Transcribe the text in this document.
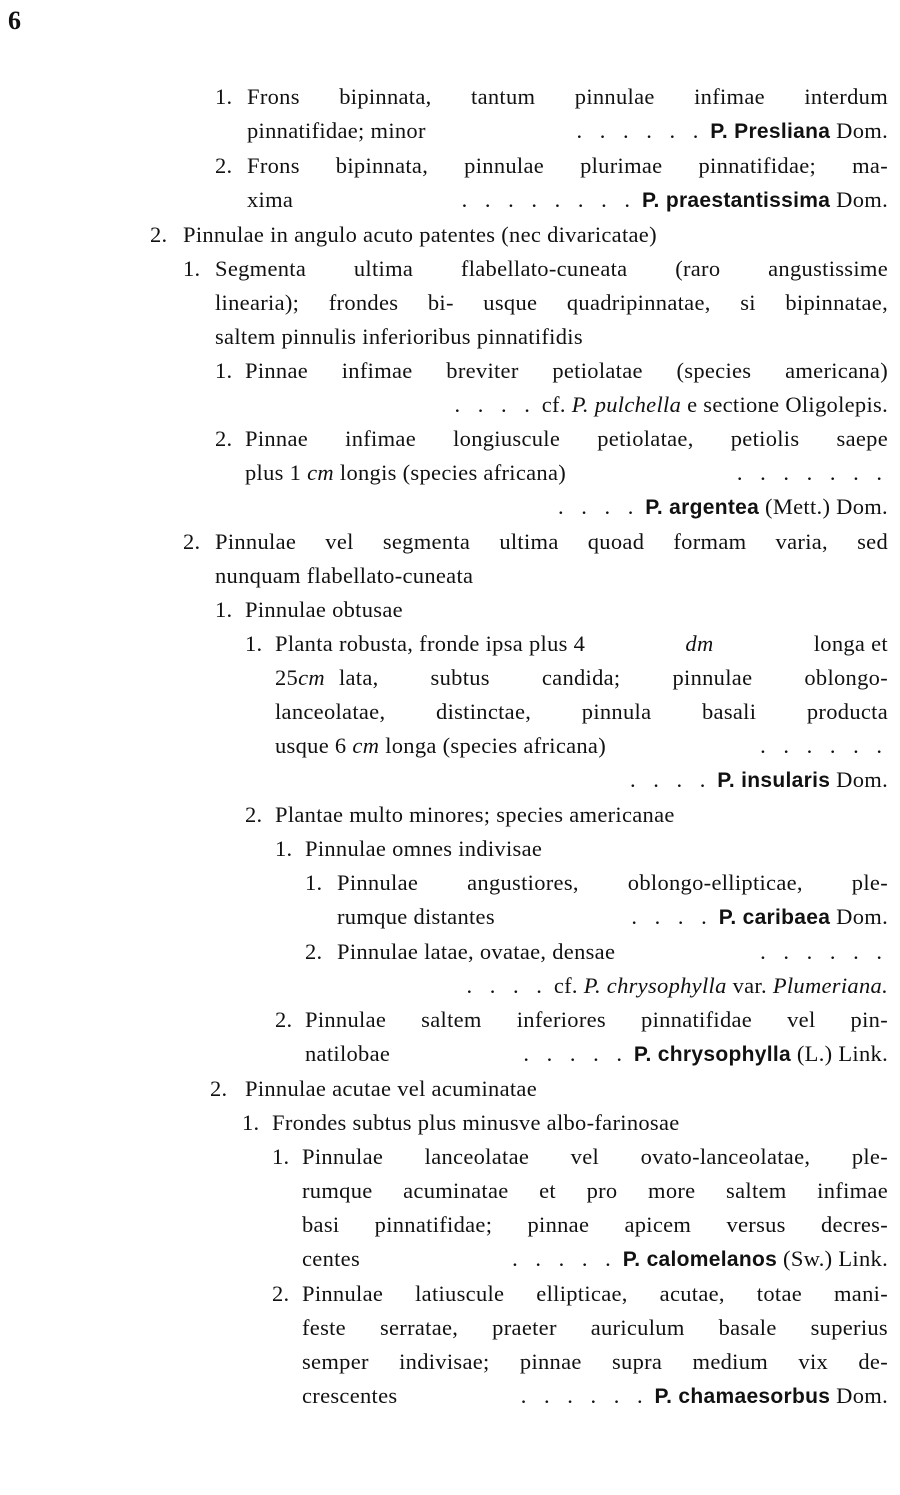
6
1. Frons bipinnata, tantum pinnulae infimae interdum
pinnatifidae; minor	. . . . . . P. Presliana Dom.
2. Frons bipinnata, pinnulae plurimae pinnatifidae; ma-
xima	. . . . . . . . P. praestantissima Dom.
2. Pinnulae in angulo acuto patentes (nec divaricatae)
1. Segmenta ultima flabellato-cuneata (raro angustissime
linearia); frondes bi- usque quadripinnatae, si bipinnatae,
saltem pinnulis inferioribus pinnatifidis
1. Pinnae infimae breviter petiolatae (species americana)
. . . . cf. P. pulchella e sectione Oligolepis.
2. Pinnae infimae longiuscule petiolatae, petiolis saepe
plus 1 cm longis (species africana)	. . . . . . .
. . . . P. argentea (Mett.) Dom.
2. Pinnulae vel segmenta ultima quoad formam varia, sed
nunquam flabellato-cuneata
1. Pinnulae obtusae
1. Planta robusta, fronde ipsa plus 4	dm	longa et
25 cm lata, subtus candida; pinnulae oblongo-
lanceolatae, distinctae, pinnula basali producta
usque 6 cm longa (species africana)	. . . . . .
. . . . P. insularis Dom.
2. Plantae multo minores; species americanae
1. Pinnulae omnes indivisae
1. Pinnulae angustiores, oblongo-ellipticae, ple-
rumque distantes	. . . . P. caribaea Dom.
2. Pinnulae latae, ovatae, densae	. . . . . .
. . . . cf. P. chrysophylla var. Plumeriana.
2. Pinnulae saltem inferiores pinnatifidae vel pin-
natilobae	. . . . . P. chrysophylla (L.) Link.
2. Pinnulae acutae vel acuminatae
1. Frondes subtus plus minusve albo-farinosae
1. Pinnulae lanceolatae vel ovato-lanceolatae, ple-
rumque acuminatae et pro more saltem infimae
basi pinnatifidae; pinnae apicem versus decres-
centes	. . . . . P. calomelanos (Sw.) Link.
2. Pinnulae latiuscule ellipticae, acutae, totae mani-
feste serratae, praeter auriculum basale superius
semper indivisae; pinnae supra medium vix de-
crescentes	. . . . . . P. chamaesorbus Dom.
